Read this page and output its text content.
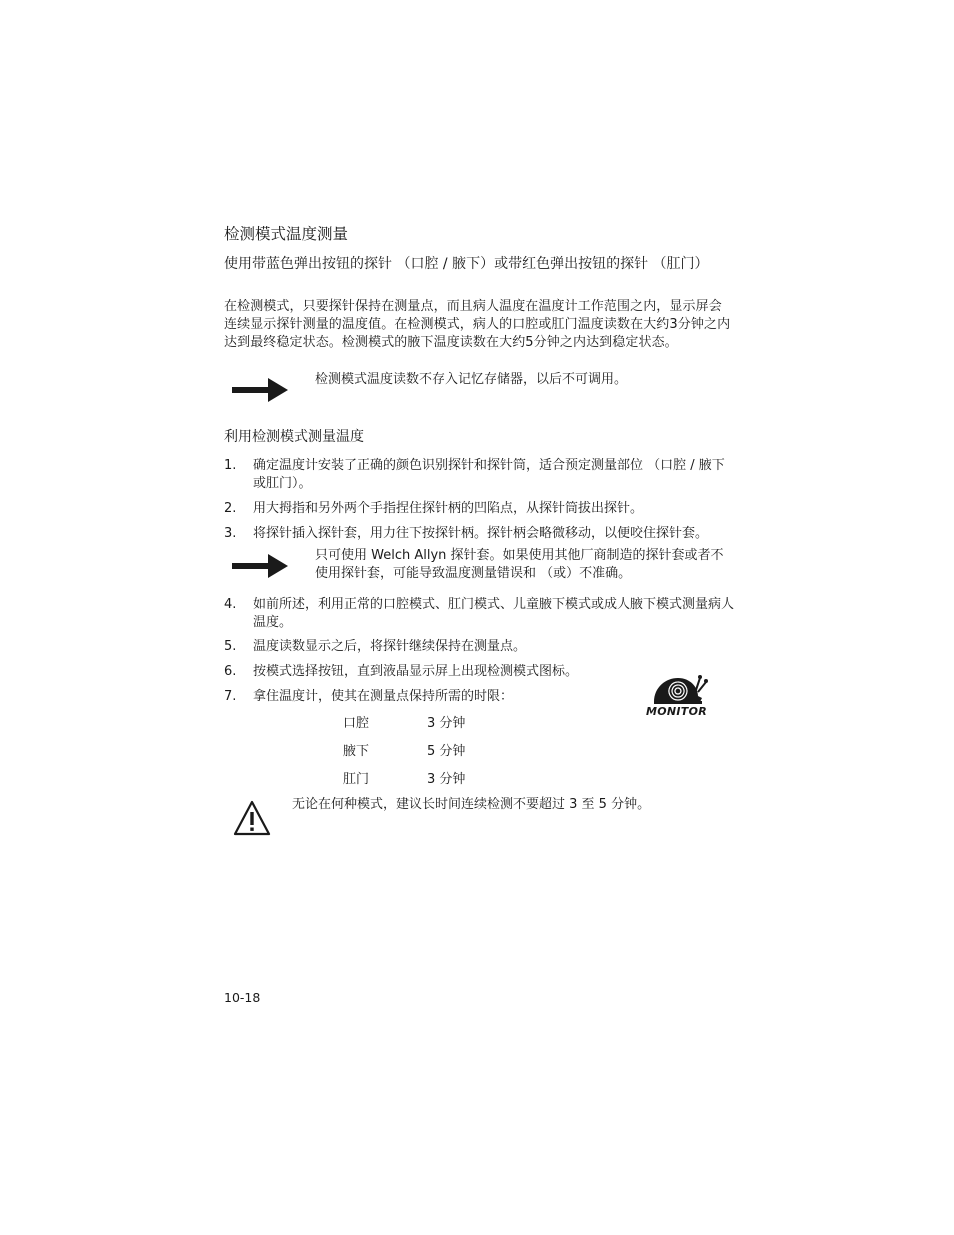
检测模式温度测量
使用带蓝色弹出按钮的探针 （口腔 / 腋下）或带红色弹出按钮的探针 （肛门）
在检测模式，只要探针保持在测量点，而且病人温度在温度计工作范围之内，显示屏会连续显示探针测量的温度值。在检测模式，病人的口腔或肛门温度读数在大约3分钟之内达到最终稳定状态。检测模式的腋下温度读数在大约5分钟之内达到稳定状态。
检测模式温度读数不存入记忆存储器，以后不可调用。
利用检测模式测量温度
1.	确定温度计安装了正确的颜色识别探针和探针筒，适合预定测量部位 （口腔 / 腋下或肛门）。
2.	用大拇指和另外两个手指捏住探针柄的凹陷点，从探针筒拔出探针。
3.	将探针插入探针套，用力往下按探针柄。探针柄会略微移动，以便咬住探针套。
只可使用 Welch Allyn 探针套。如果使用其他厂商制造的探针套或者不使用探针套，可能导致温度测量错误和 （或）不准确。
4.	如前所述，利用正常的口腔模式、肛门模式、儿童腋下模式或成人腋下模式测量病人温度。
5.	温度读数显示之后，将探针继续保持在测量点。
6.	按模式选择按钮，直到液晶显示屏上出现检测模式图标。
7.	拿住温度计，使其在测量点保持所需的时限：
口腔	3 分钟
腋下	5 分钟
肛门	3 分钟
MONITOR
无论在何种模式，建议长时间连续检测不要超过 3 至 5 分钟。
10-18
